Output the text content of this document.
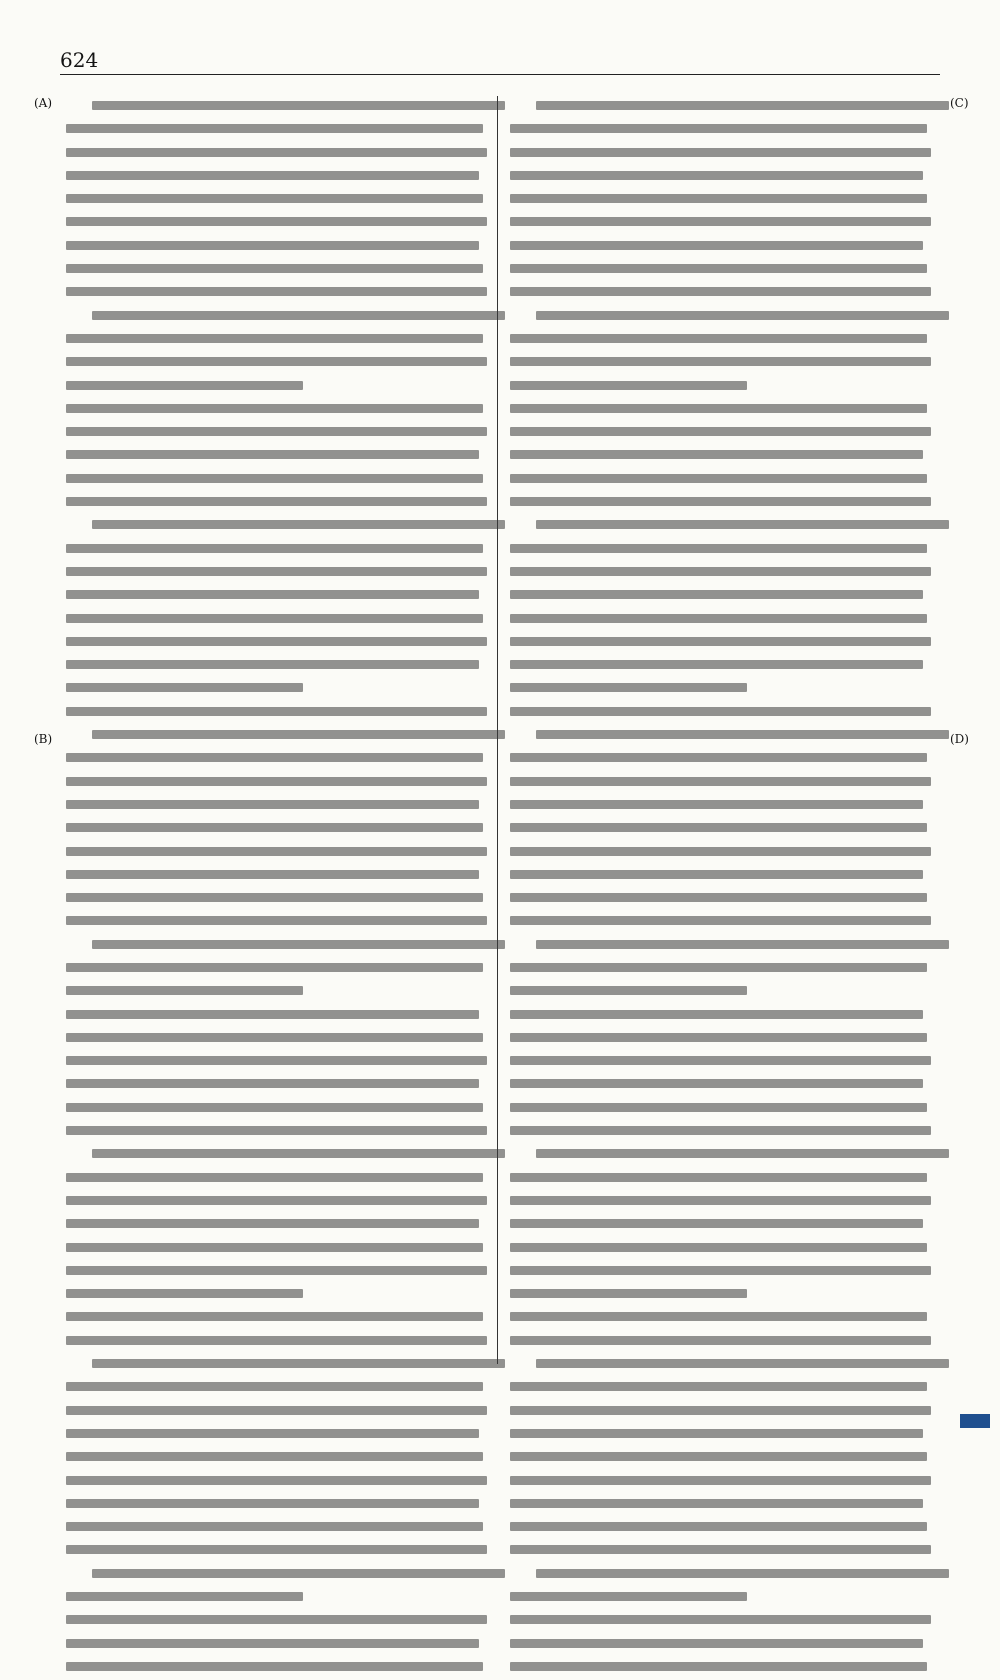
624
(A)
(B)
(C)
(D)
